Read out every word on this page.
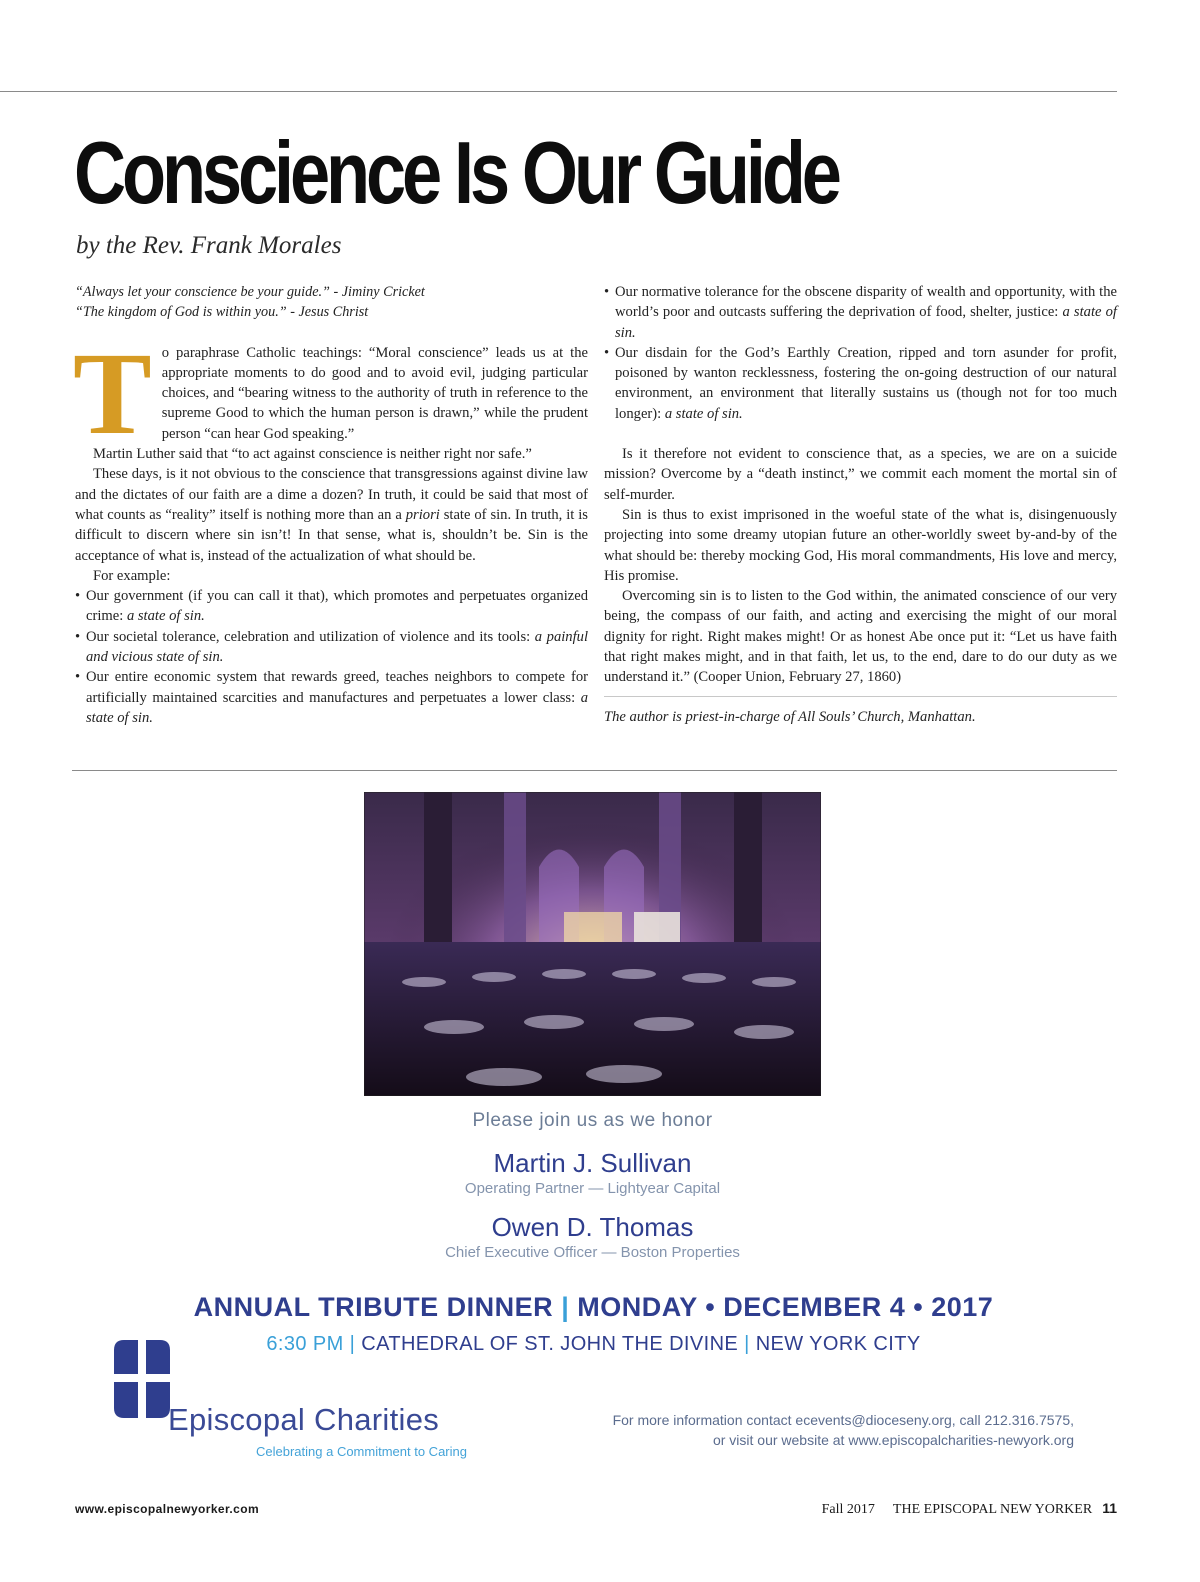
Conscience Is Our Guide
by the Rev. Frank Morales

“Always let your conscience be your guide.” - Jiminy Cricket

“The kingdom of God is within you.” - Jesus Christ

To paraphrase Catholic teachings: “Moral conscience” leads us at the appropriate moments to do good and to avoid evil, judging particular choices, and “bearing witness to the authority of truth in reference to the supreme Good to which the human person is drawn,” while the prudent person “can hear God speaking.”

Martin Luther said that “to act against conscience is neither right nor safe.”

These days, is it not obvious to the conscience that transgressions against divine law and the dictates of our faith are a dime a dozen? In truth, it could be said that most of what counts as “reality” itself is nothing more than an a priori state of sin. In truth, it is difficult to discern where sin isn’t! In that sense, what is, shouldn’t be. Sin is the acceptance of what is, instead of the actualization of what should be.

For example:

• Our government (if you can call it that), which promotes and perpetuates organized crime: a state of sin.

• Our societal tolerance, celebration and utilization of violence and its tools: a painful and vicious state of sin.

• Our entire economic system that rewards greed, teaches neighbors to compete for artificially maintained scarcities and manufactures and perpetuates a lower class: a state of sin.

• Our normative tolerance for the obscene disparity of wealth and opportunity, with the world’s poor and outcasts suffering the deprivation of food, shelter, justice: a state of sin.

• Our disdain for the God’s Earthly Creation, ripped and torn asunder for profit, poisoned by wanton recklessness, fostering the on-going destruction of our natural environment, an environment that literally sustains us (though not for too much longer): a state of sin.

Is it therefore not evident to conscience that, as a species, we are on a suicide mission? Overcome by a “death instinct,” we commit each moment the mortal sin of self-murder.

Sin is thus to exist imprisoned in the woeful state of the what is, disingenuously projecting into some dreamy utopian future an other-worldly sweet by-and-by of the what should be: thereby mocking God, His moral commandments, His love and mercy, His promise.

Overcoming sin is to listen to the God within, the animated conscience of our very being, the compass of our faith, and acting and exercising the might of our moral dignity for right. Right makes might! Or as honest Abe once put it: “Let us have faith that right makes might, and in that faith, let us, to the end, dare to do our duty as we understand it.” (Cooper Union, February 27, 1860)

The author is priest-in-charge of All Souls’ Church, Manhattan.

Please join us as we honor
Martin J. Sullivan
Operating Partner — Lightyear Capital
Owen D. Thomas
Chief Executive Officer — Boston Properties
ANNUAL TRIBUTE DINNER | MONDAY • DECEMBER 4 • 2017
6:30 PM | CATHEDRAL OF ST. JOHN THE DIVINE | NEW YORK CITY
Episcopal Charities
Celebrating a Commitment to Caring
For more information contact ecevents@dioceseny.org, call 212.316.7575,
or visit our website at www.episcopalcharities-newyork.org
www.episcopalnewyorker.com	Fall 2017 THE EPISCOPAL NEW YORKER 11
